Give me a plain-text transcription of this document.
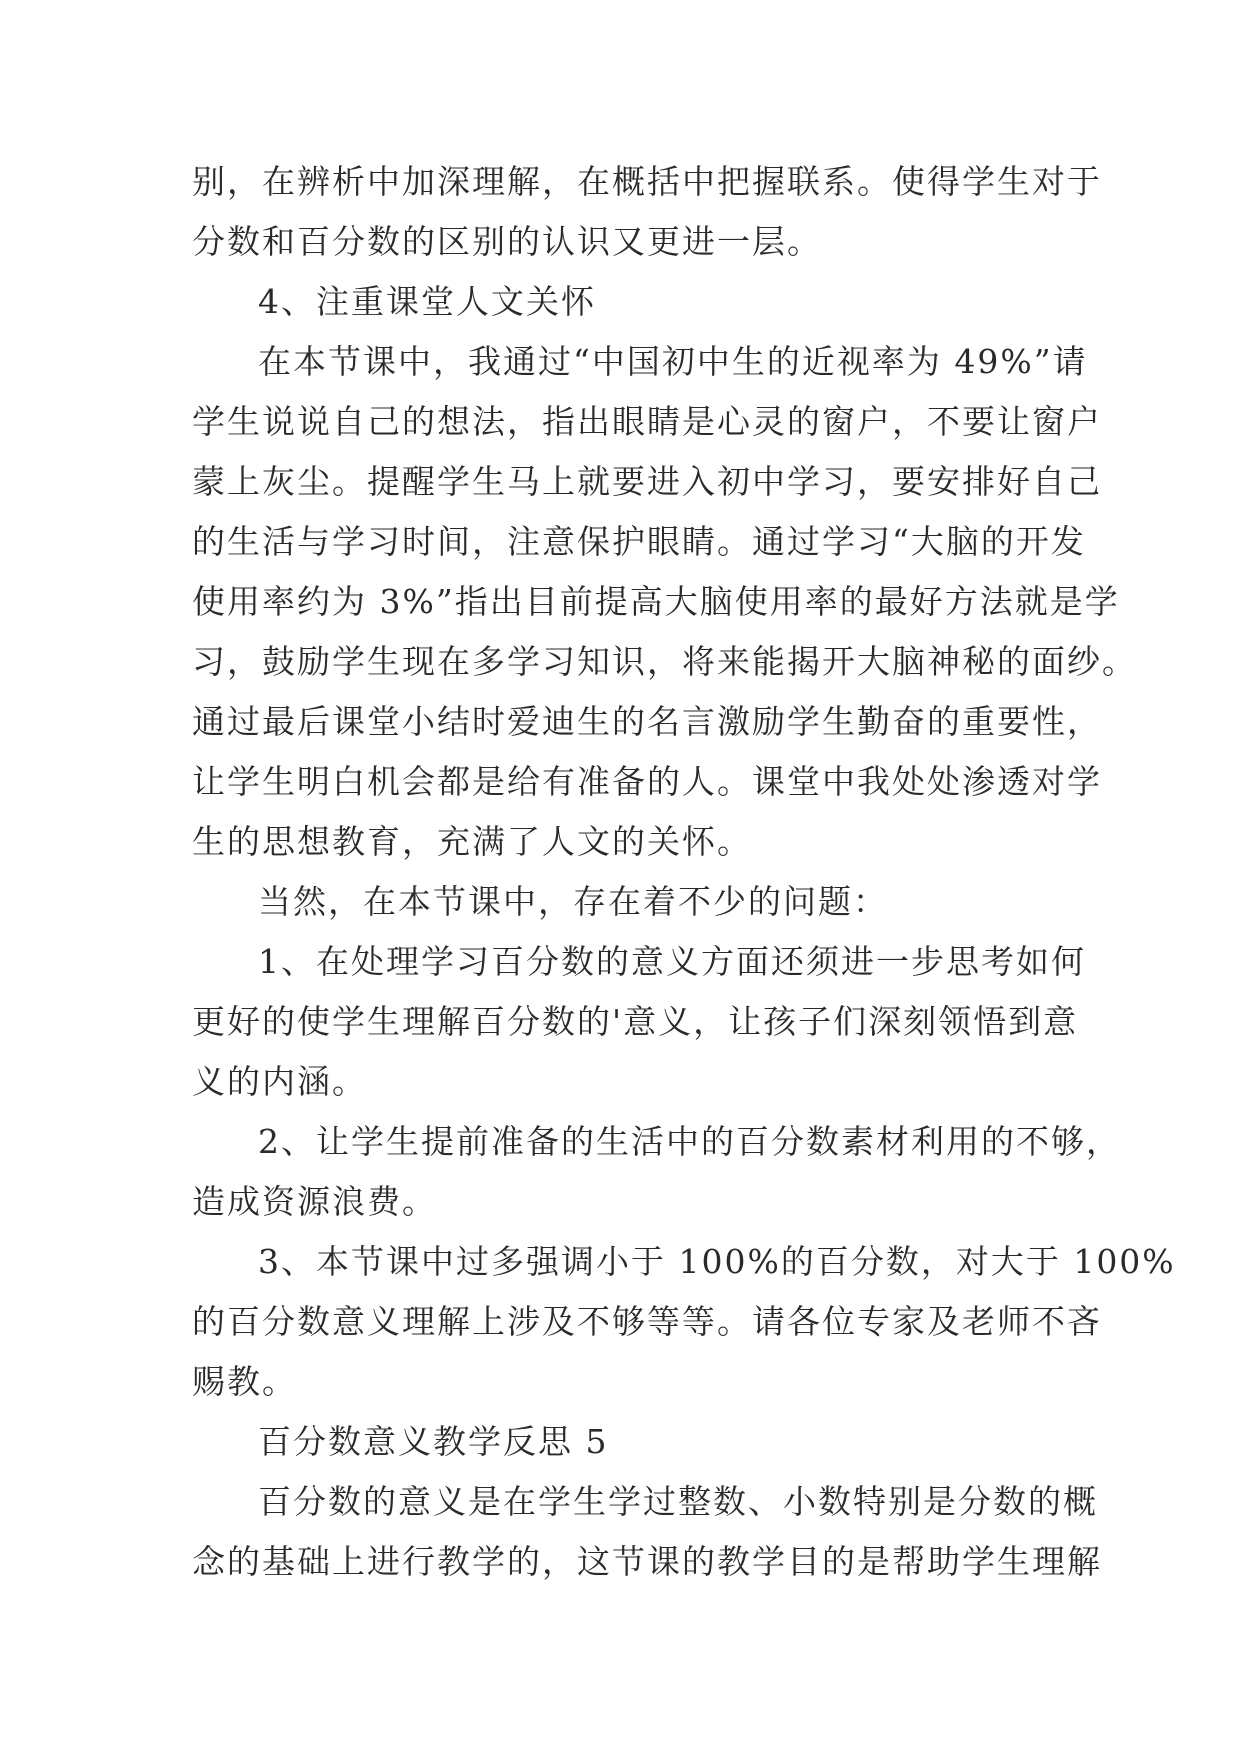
别，在辨析中加深理解，在概括中把握联系。使得学生对于
分数和百分数的区别的认识又更进一层。
4、注重课堂人文关怀
在本节课中，我通过“中国初中生的近视率为 49%”请
学生说说自己的想法，指出眼睛是心灵的窗户，不要让窗户
蒙上灰尘。提醒学生马上就要进入初中学习，要安排好自己
的生活与学习时间，注意保护眼睛。通过学习“大脑的开发
使用率约为 3%”指出目前提高大脑使用率的最好方法就是学
习，鼓励学生现在多学习知识，将来能揭开大脑神秘的面纱。
通过最后课堂小结时爱迪生的名言激励学生勤奋的重要性，
让学生明白机会都是给有准备的人。课堂中我处处渗透对学
生的思想教育，充满了人文的关怀。
当然，在本节课中，存在着不少的问题：
1、在处理学习百分数的意义方面还须进一步思考如何
更好的使学生理解百分数的'意义，让孩子们深刻领悟到意
义的内涵。
2、让学生提前准备的生活中的百分数素材利用的不够，
造成资源浪费。
3、本节课中过多强调小于 100%的百分数，对大于 100%
的百分数意义理解上涉及不够等等。请各位专家及老师不吝
赐教。
百分数意义教学反思 5
百分数的意义是在学生学过整数、小数特别是分数的概
念的基础上进行教学的，这节课的教学目的是帮助学生理解
